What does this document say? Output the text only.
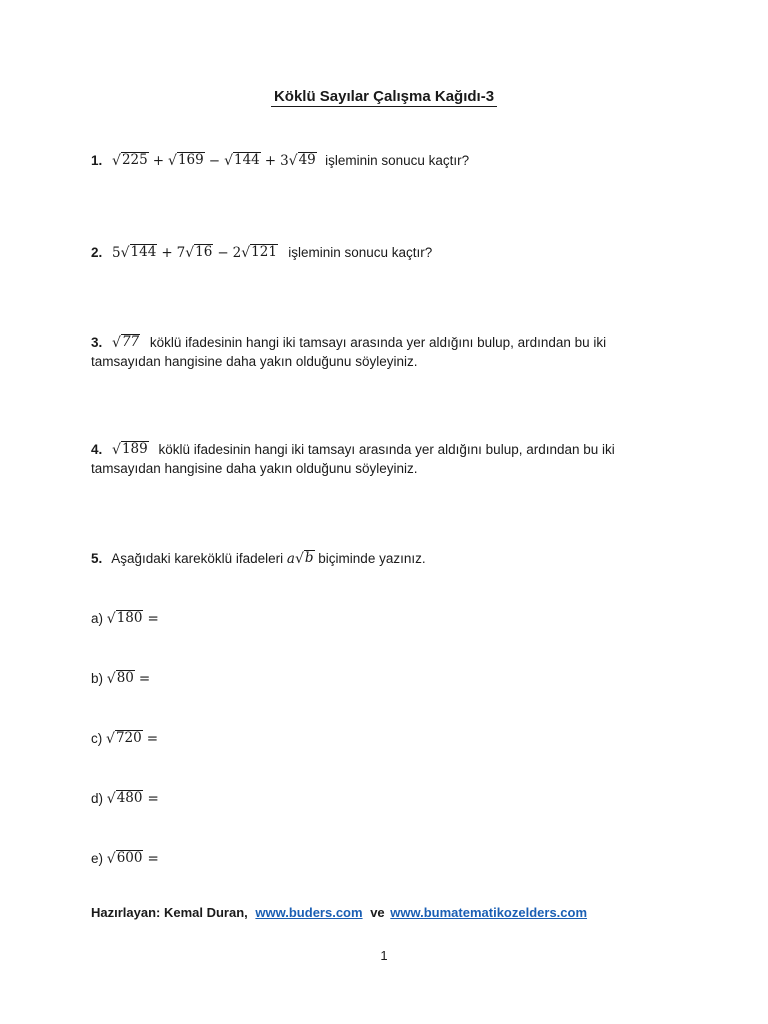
Köklü Sayılar Çalışma Kağıdı-3
1. √ 225 + √ 169 − √ 144 + 3 √ 49 işleminin sonucu kaçtır?
2. 5 √ 144 + 7 √ 16 − 2 √ 121 işleminin sonucu kaçtır?
3. √ 77 köklü ifadesinin hangi iki tamsayı arasında yer aldığını bulup, ardından bu iki
tamsayıdan hangisine daha yakın olduğunu söyleyiniz.
4. √ 189 köklü ifadesinin hangi iki tamsayı arasında yer aldığını bulup, ardından bu iki
tamsayıdan hangisine daha yakın olduğunu söyleyiniz.
5. Aşağıdaki kareköklü ifadeleri a √ b biçiminde yazınız.
a) √ 180 =
b) √ 80 =
c) √ 720 =
d) √ 480 =
e) √ 600 =
Hazırlayan: Kemal Duran, www.buders.com ve www.bumatematikozelders.com
1
